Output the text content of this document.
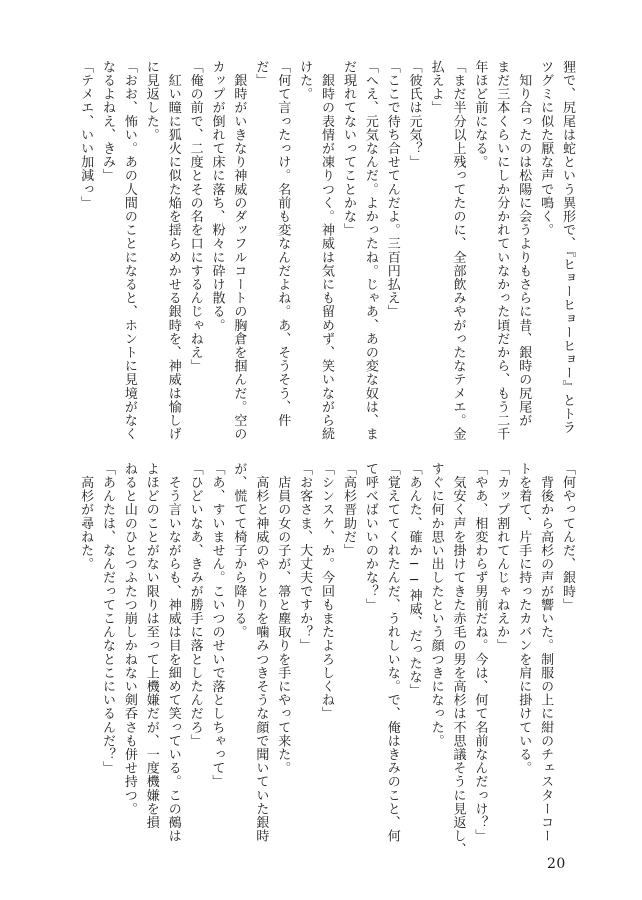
狸で、尻尾は蛇という異形で、『ヒョーヒョーヒョー』とトラ
ツグミに似た厭な声で鳴く。
　知り合ったのは松陽に会うよりもさらに昔、銀時の尻尾が
まだ三本くらいにしか分かれていなかった頃だから、もう二千
年ほど前になる。
「まだ半分以上残ってたのに、全部飲みやがったなテメエ。金
払えよ」
「彼氏は元気？」
「ここで待ち合せてんだよ。三百円払え」
「へえ、元気なんだ。よかったね。じゃあ、あの変な奴は、ま
だ現れてないってことかな」
　銀時の表情が凍りつく。神威は気にも留めず、笑いながら続
けた。
「何て言ったっけ。名前も変なんだよね。あ、そうそう、件
だ」
　銀時がいきなり神威のダッフルコートの胸倉を掴んだ。空の
カップが倒れて床に落ち、粉々に砕け散る。
「俺の前で、二度とその名を口にするんじゃねえ」
　紅い瞳に狐火に似た焔を揺らめかせる銀時を、神威は愉しげ
に見返した。
「おお、怖い。あの人間のことになると、ホントに見境がなく
なるよねえ、きみ」
「テメエ、いい加減っ」
「何やってんだ、銀時」
　背後から高杉の声が響いた。制服の上に紺のチェスターコー
トを着て、片手に持ったカバンを肩に掛けている。
「カップ割れてんじゃねえか」
「やあ、相変わらず男前だね。今は、何て名前なんだっけ？」
　気安く声を掛けてきた赤毛の男を高杉は不思議そうに見返し、
すぐに何か思い出したという顔つきになった。
「あんた、確か──神威、だったな」
「覚えててくれたんだ、うれしいな。で、俺はきみのこと、何
て呼べばいいのかな？」
「高杉晋助だ」
「シンスケ、か。今回もまたよろしくね」
「お客さま、大丈夫ですか？」
　店員の女の子が、箒と塵取りを手にやって来た。
　高杉と神威のやりとりを噛みつきそうな顔で聞いていた銀時
が、慌てて椅子から降りる。
「あ、すいません。こいつのせいで落としちゃって」
「ひどいなあ、きみが勝手に落としたんだろ」
　そう言いながらも、神威は目を細めて笑っている。この鵺は
よほどのことがない限りは至って上機嫌だが、一度機嫌を損
ねると山のひとつふたつ崩しかねない剣呑さも併せ持つ。
「あんたは、なんだってこんなとこにいるんだ？」
　高杉が尋ねた。
20
